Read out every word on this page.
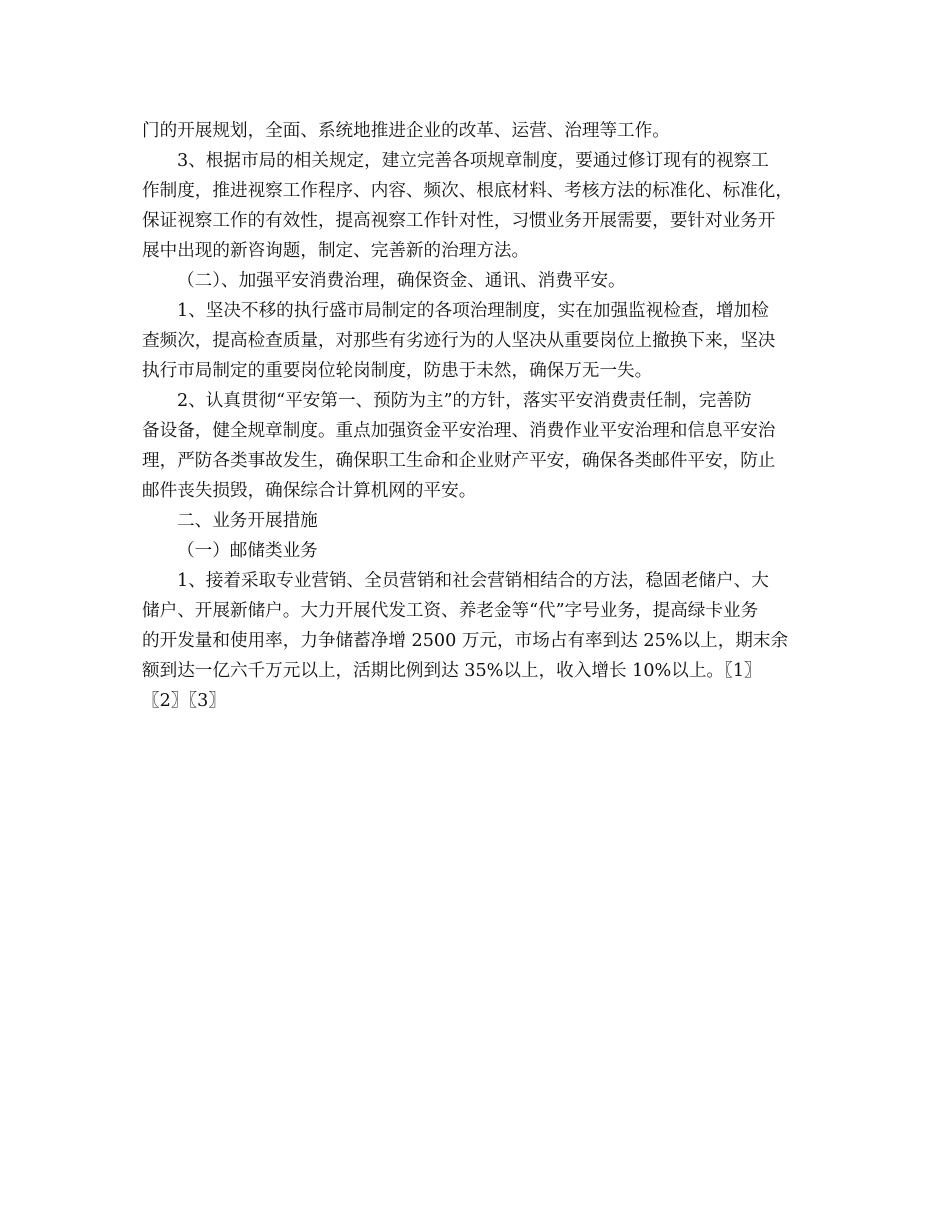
门的开展规划，全面、系统地推进企业的改革、运营、治理等工作。
3、根据市局的相关规定，建立完善各项规章制度，要通过修订现有的视察工
作制度，推进视察工作程序、内容、频次、根底材料、考核方法的标准化、标准化，
保证视察工作的有效性，提高视察工作针对性，习惯业务开展需要，要针对业务开
展中出现的新咨询题，制定、完善新的治理方法。
（二）、加强平安消费治理，确保资金、通讯、消费平安。
1、坚决不移的执行盛市局制定的各项治理制度，实在加强监视检查，增加检
查频次，提高检查质量，对那些有劣迹行为的人坚决从重要岗位上撤换下来，坚决
执行市局制定的重要岗位轮岗制度，防患于未然，确保万无一失。
2、认真贯彻“平安第一、预防为主”的方针，落实平安消费责任制，完善防
备设备，健全规章制度。重点加强资金平安治理、消费作业平安治理和信息平安治
理，严防各类事故发生，确保职工生命和企业财产平安，确保各类邮件平安，防止
邮件丧失损毁，确保综合计算机网的平安。
二、业务开展措施
（一）邮储类业务
1、接着采取专业营销、全员营销和社会营销相结合的方法，稳固老储户、大
储户、开展新储户。大力开展代发工资、养老金等“代”字号业务，提高绿卡业务
的开发量和使用率，力争储蓄净增 2500 万元，市场占有率到达 25%以上，期末余
额到达一亿六千万元以上，活期比例到达 35%以上，收入增长 10%以上。〖1〗
〖2〗〖3〗
